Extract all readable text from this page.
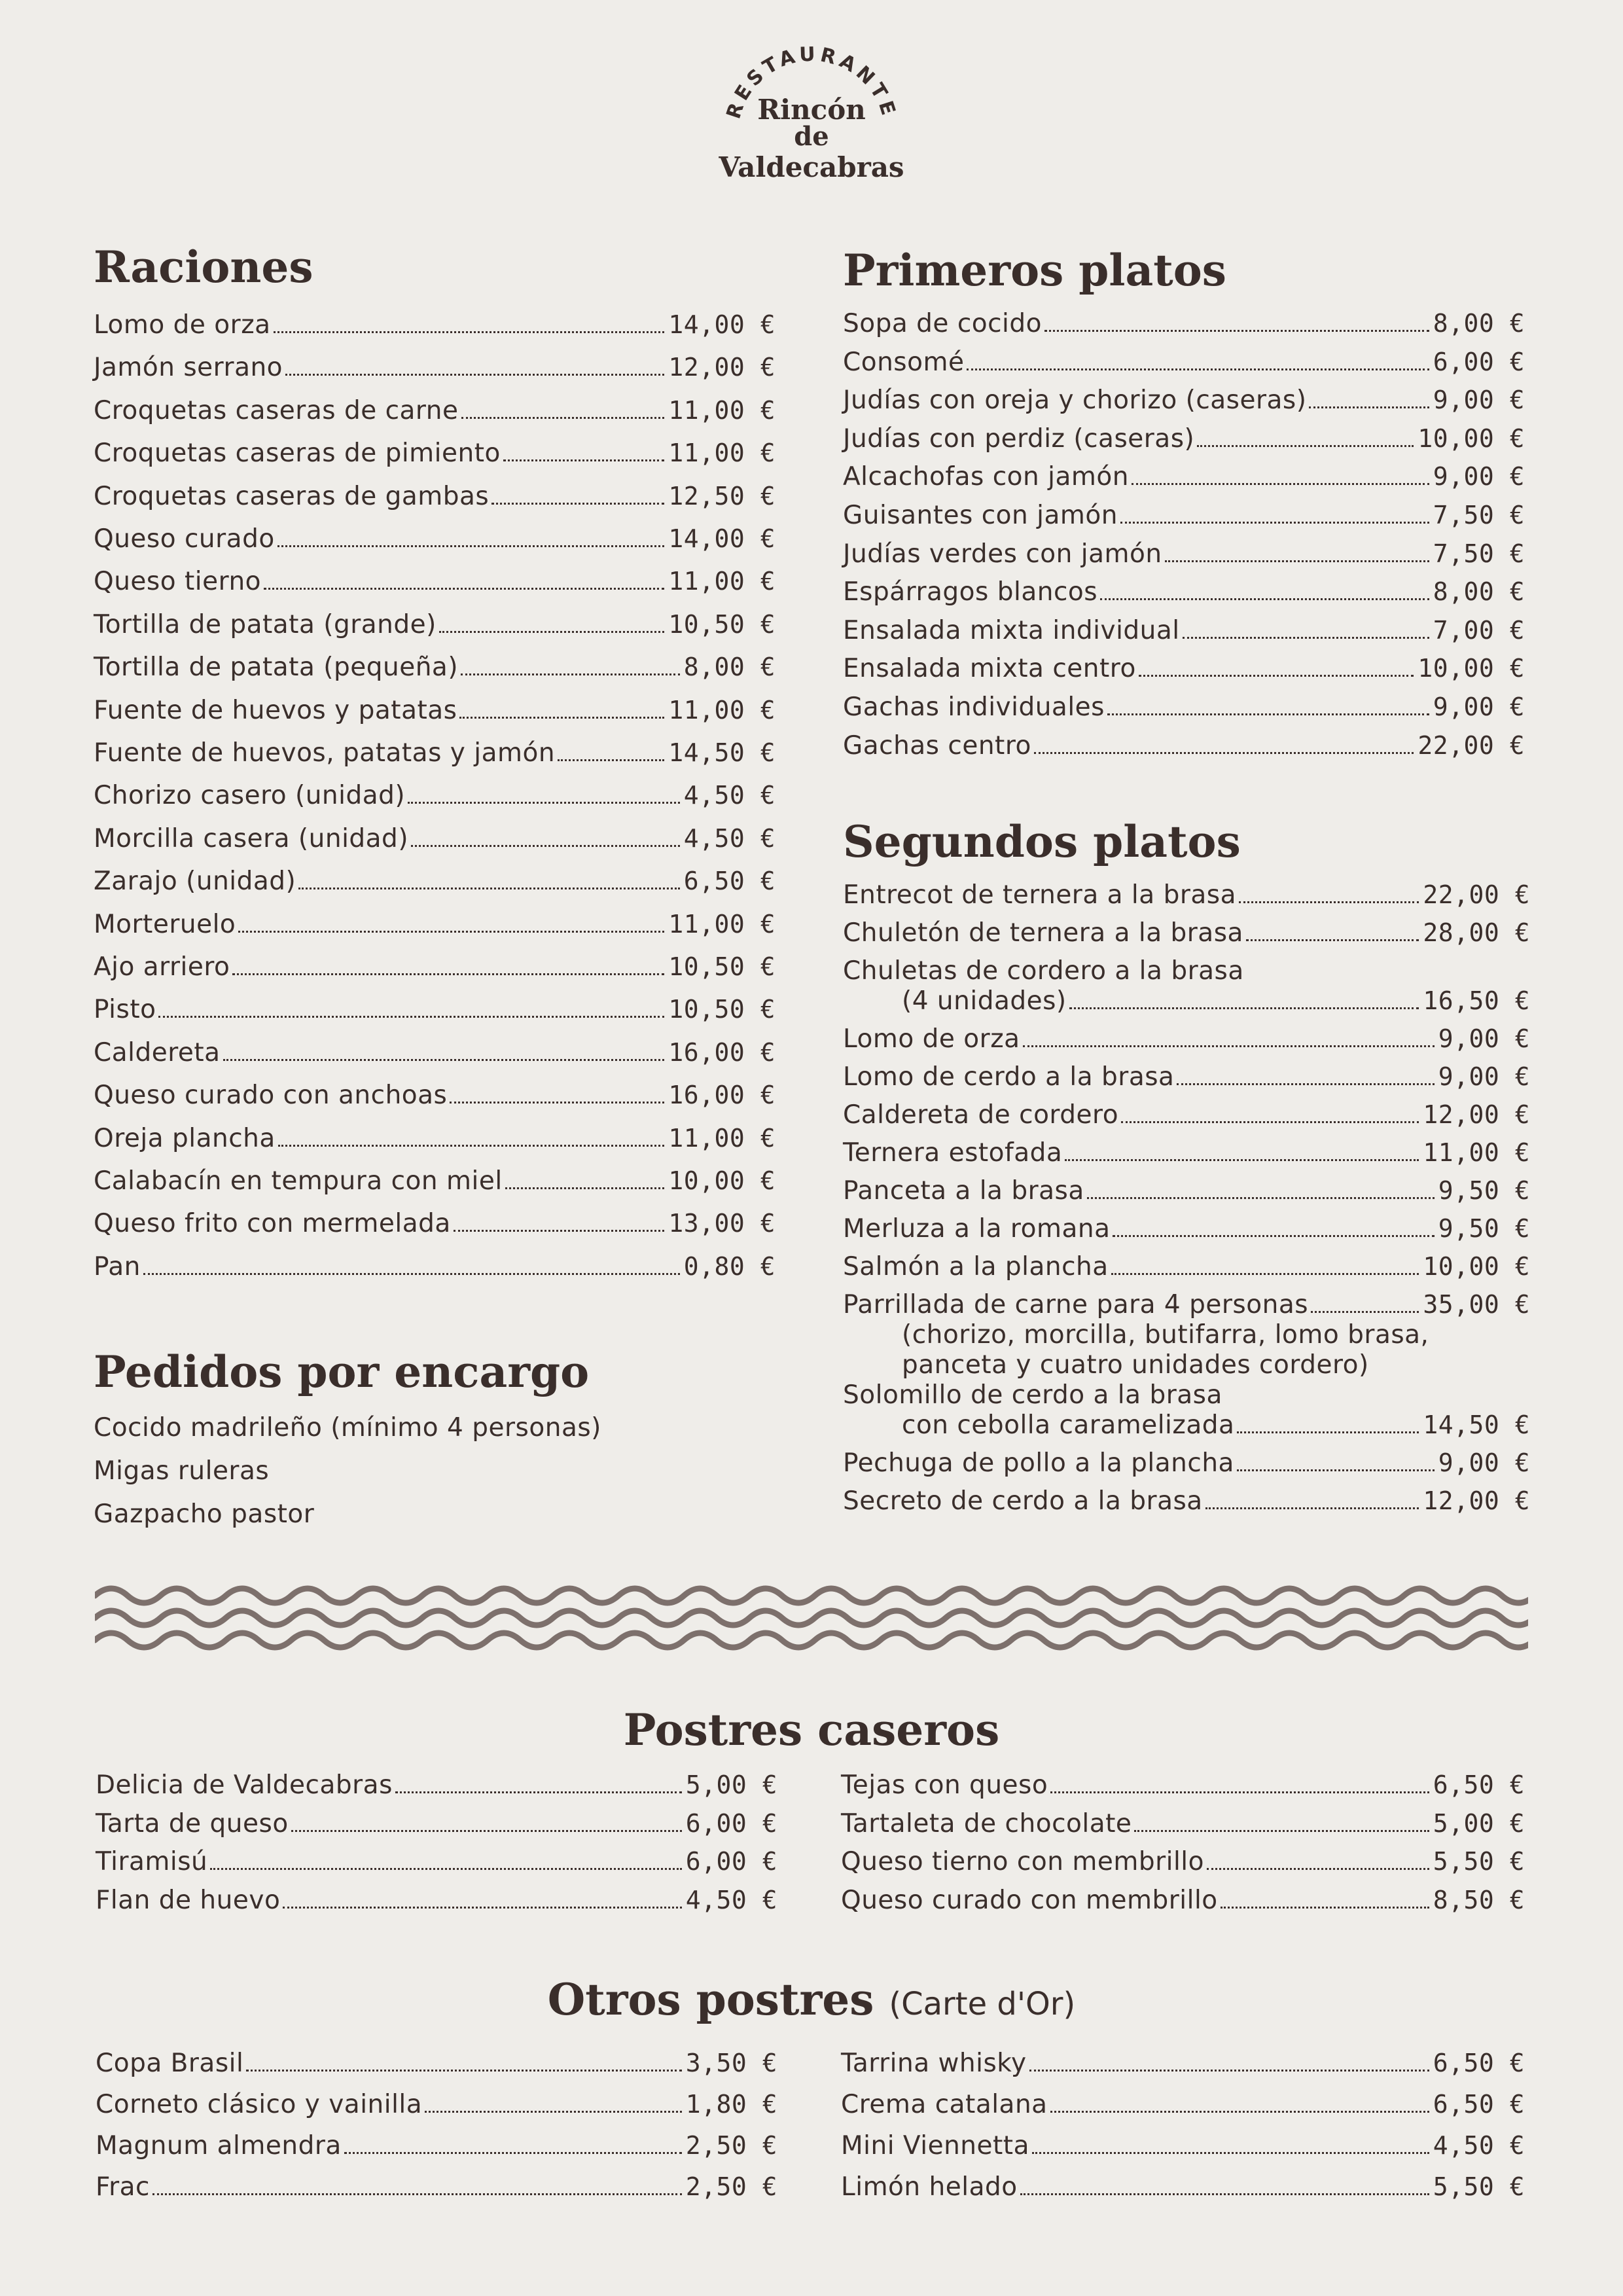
RESTAURANTE
Rincón
de
Valdecabras
Raciones
Lomo de orza	14,00 €
Jamón serrano	12,00 €
Croquetas caseras de carne	11,00 €
Croquetas caseras de pimiento	11,00 €
Croquetas caseras de gambas	12,50 €
Queso curado	14,00 €
Queso tierno	11,00 €
Tortilla de patata (grande)	10,50 €
Tortilla de patata (pequeña)	8,00 €
Fuente de huevos y patatas	11,00 €
Fuente de huevos, patatas y jamón	14,50 €
Chorizo casero (unidad)	4,50 €
Morcilla casera (unidad)	4,50 €
Zarajo (unidad)	6,50 €
Morteruelo	11,00 €
Ajo arriero	10,50 €
Pisto	10,50 €
Caldereta	16,00 €
Queso curado con anchoas	16,00 €
Oreja plancha	11,00 €
Calabacín en tempura con miel	10,00 €
Queso frito con mermelada	13,00 €
Pan	0,80 €
Pedidos por encargo
Cocido madrileño (mínimo 4 personas)
Migas ruleras
Gazpacho pastor
Primeros platos
Sopa de cocido	8,00 €
Consomé	6,00 €
Judías con oreja y chorizo (caseras)	9,00 €
Judías con perdiz (caseras)	10,00 €
Alcachofas con jamón	9,00 €
Guisantes con jamón	7,50 €
Judías verdes con jamón	7,50 €
Espárragos blancos	8,00 €
Ensalada mixta individual	7,00 €
Ensalada mixta centro	10,00 €
Gachas individuales	9,00 €
Gachas centro	22,00 €
Segundos platos
Entrecot de ternera a la brasa	22,00 €
Chuletón de ternera a la brasa	28,00 €
Chuletas de cordero a la brasa
(4 unidades)	16,50 €
Lomo de orza	9,00 €
Lomo de cerdo a la brasa	9,00 €
Caldereta de cordero	12,00 €
Ternera estofada	11,00 €
Panceta a la brasa	9,50 €
Merluza a la romana	9,50 €
Salmón a la plancha	10,00 €
Parrillada de carne para 4 personas	35,00 €
(chorizo, morcilla, butifarra, lomo brasa,
panceta y cuatro unidades cordero)
Solomillo de cerdo a la brasa
con cebolla caramelizada	14,50 €
Pechuga de pollo a la plancha	9,00 €
Secreto de cerdo a la brasa	12,00 €
Postres caseros
Delicia de Valdecabras	5,00 €
Tarta de queso	6,00 €
Tiramisú	6,00 €
Flan de huevo	4,50 €
Tejas con queso	6,50 €
Tartaleta de chocolate	5,00 €
Queso tierno con membrillo	5,50 €
Queso curado con membrillo	8,50 €
Otros postres (Carte d'Or)
Copa Brasil	3,50 €
Corneto clásico y vainilla	1,80 €
Magnum almendra	2,50 €
Frac	2,50 €
Tarrina whisky	6,50 €
Crema catalana	6,50 €
Mini Viennetta	4,50 €
Limón helado	5,50 €
